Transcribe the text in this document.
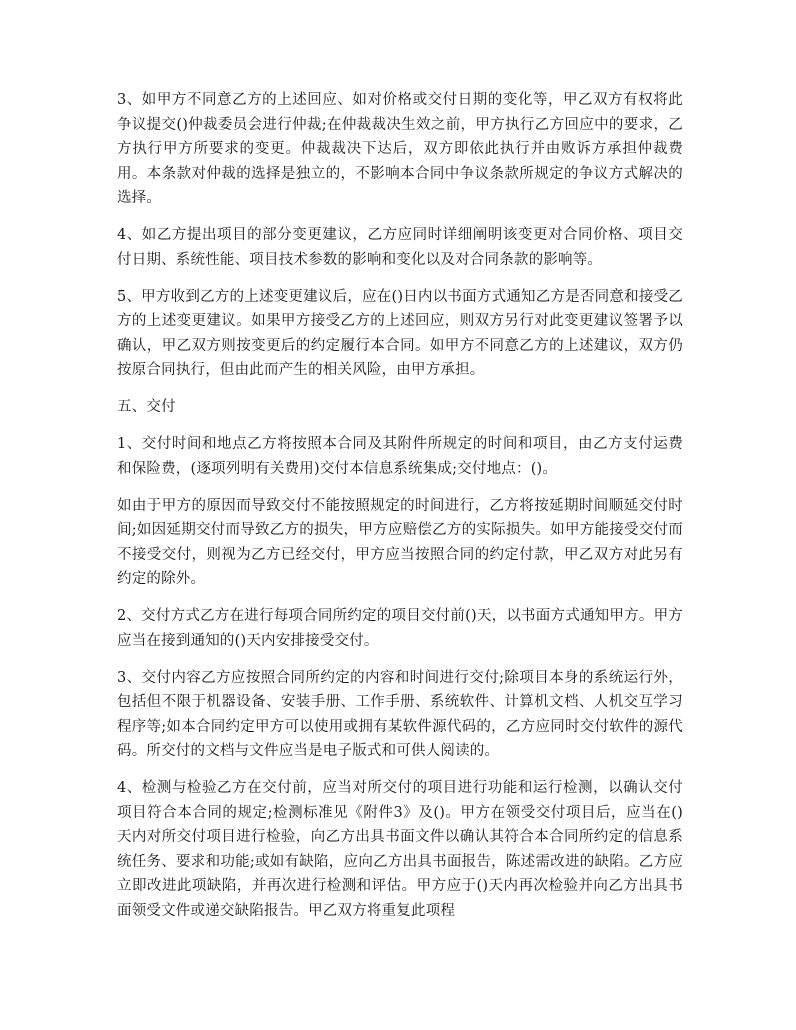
3、如甲方不同意乙方的上述回应、如对价格或交付日期的变化等，甲乙双方有权将此争议提交()仲裁委员会进行仲裁;在仲裁裁决生效之前，甲方执行乙方回应中的要求，乙方执行甲方所要求的变更。仲裁裁决下达后，双方即依此执行并由败诉方承担仲裁费用。本条款对仲裁的选择是独立的，不影响本合同中争议条款所规定的争议方式解决的选择。

4、如乙方提出项目的部分变更建议，乙方应同时详细阐明该变更对合同价格、项目交付日期、系统性能、项目技术参数的影响和变化以及对合同条款的影响等。

5、甲方收到乙方的上述变更建议后，应在()日内以书面方式通知乙方是否同意和接受乙方的上述变更建议。如果甲方接受乙方的上述回应，则双方另行对此变更建议签署予以确认，甲乙双方则按变更后的约定履行本合同。如甲方不同意乙方的上述建议，双方仍按原合同执行，但由此而产生的相关风险，由甲方承担。

五、交付

1、交付时间和地点乙方将按照本合同及其附件所规定的时间和项目，由乙方支付运费和保险费，(逐项列明有关费用)交付本信息系统集成;交付地点：()。

如由于甲方的原因而导致交付不能按照规定的时间进行，乙方将按延期时间顺延交付时间;如因延期交付而导致乙方的损失，甲方应赔偿乙方的实际损失。如甲方能接受交付而不接受交付，则视为乙方已经交付，甲方应当按照合同的约定付款，甲乙双方对此另有约定的除外。

2、交付方式乙方在进行每项合同所约定的项目交付前()天，以书面方式通知甲方。甲方应当在接到通知的()天内安排接受交付。

3、交付内容乙方应按照合同所约定的内容和时间进行交付;除项目本身的系统运行外，包括但不限于机器设备、安装手册、工作手册、系统软件、计算机文档、人机交互学习程序等;如本合同约定甲方可以使用或拥有某软件源代码的，乙方应同时交付软件的源代码。所交付的文档与文件应当是电子版式和可供人阅读的。

4、检测与检验乙方在交付前，应当对所交付的项目进行功能和运行检测，以确认交付项目符合本合同的规定;检测标准见《附件3》及()。甲方在领受交付项目后，应当在()天内对所交付项目进行检验，向乙方出具书面文件以确认其符合本合同所约定的信息系统任务、要求和功能;或如有缺陷，应向乙方出具书面报告，陈述需改进的缺陷。乙方应立即改进此项缺陷，并再次进行检测和评估。甲方应于()天内再次检验并向乙方出具书面领受文件或递交缺陷报告。甲乙双方将重复此项程
